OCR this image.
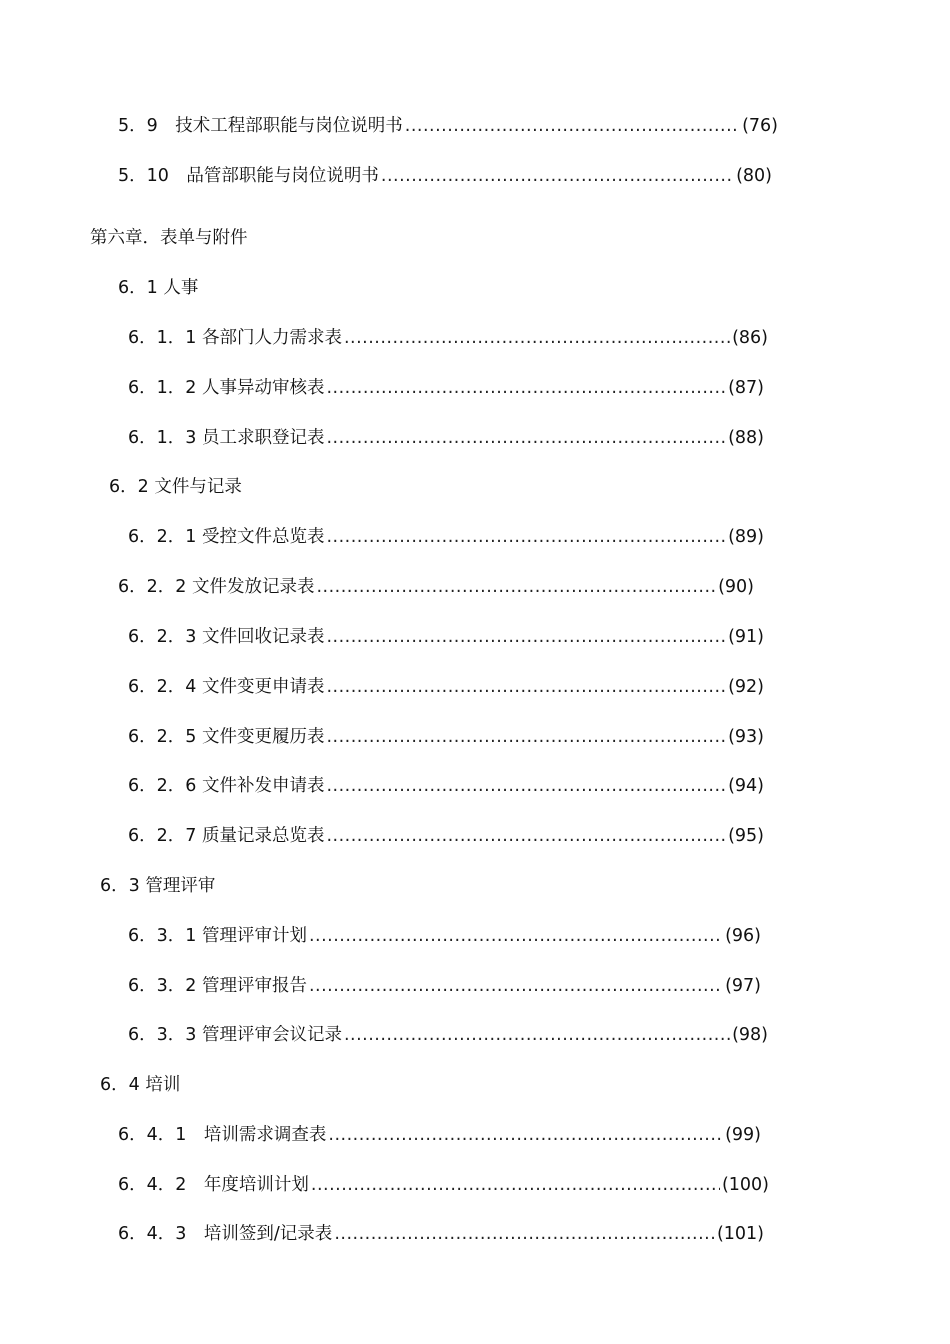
5．9　技术工程部职能与岗位说明书 .....	(76)
5．10　品管部职能与岗位说明书 .....	(80)
第六章．表单与附件
6．1 人事
6．1．1 各部门人力需求表 .....	(86)
6．1．2 人事异动审核表 .....	(87)
6．1．3 员工求职登记表 .....	(88)
6．2 文件与记录
6．2．1 受控文件总览表 .....	(89)
6．2．2 文件发放记录表 .....	(90)
6．2．3 文件回收记录表 .....	(91)
6．2．4 文件变更申请表 .....	(92)
6．2．5 文件变更履历表 .....	(93)
6．2．6 文件补发申请表 .....	(94)
6．2．7 质量记录总览表 .....	(95)
6．3 管理评审
6．3．1 管理评审计划 .....	(96)
6．3．2 管理评审报告 .....	(97)
6．3．3 管理评审会议记录 .....	(98)
6．4 培训
6．4．1　培训需求调查表 .....	(99)
6．4．2　年度培训计划 .....	(100)
6．4．3　培训签到/记录表 .....	(101)
